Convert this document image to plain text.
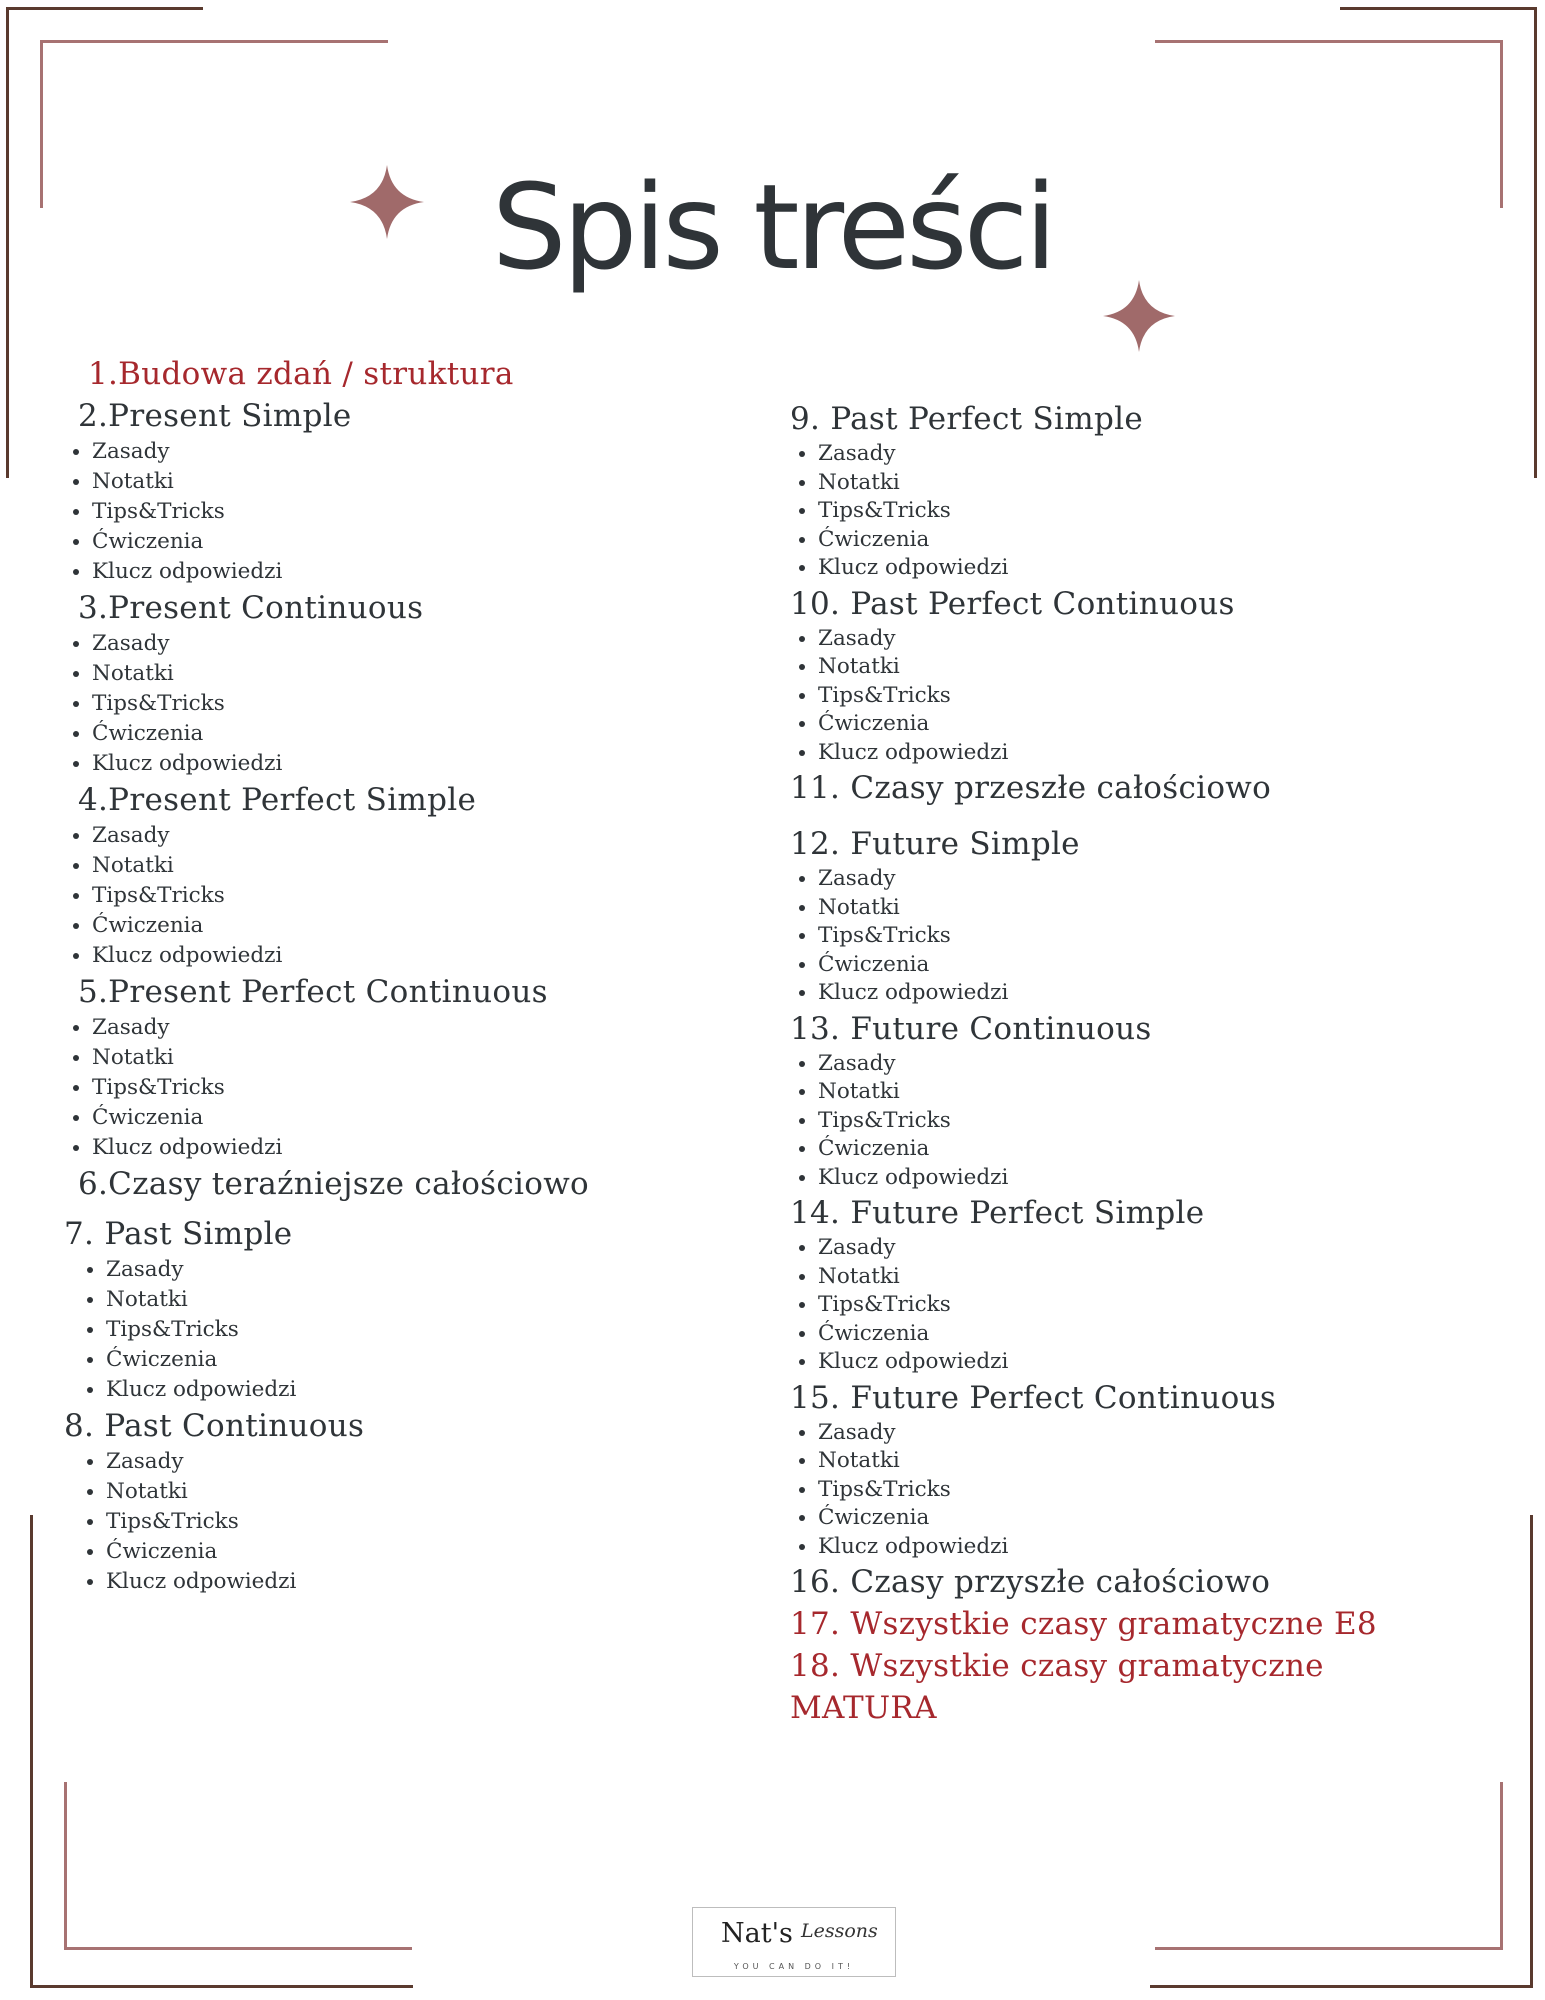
Spis treści
1.Budowa zdań / struktura
2.Present Simple
• Zasady
• Notatki
• Tips&Tricks
• Ćwiczenia
• Klucz odpowiedzi
3.Present Continuous
• Zasady
• Notatki
• Tips&Tricks
• Ćwiczenia
• Klucz odpowiedzi
4.Present Perfect Simple
• Zasady
• Notatki
• Tips&Tricks
• Ćwiczenia
• Klucz odpowiedzi
5.Present Perfect Continuous
• Zasady
• Notatki
• Tips&Tricks
• Ćwiczenia
• Klucz odpowiedzi
6.Czasy teraźniejsze całościowo
7. Past Simple
• Zasady
• Notatki
• Tips&Tricks
• Ćwiczenia
• Klucz odpowiedzi
8. Past Continuous
• Zasady
• Notatki
• Tips&Tricks
• Ćwiczenia
• Klucz odpowiedzi
9. Past Perfect Simple
• Zasady
• Notatki
• Tips&Tricks
• Ćwiczenia
• Klucz odpowiedzi
10. Past Perfect Continuous
• Zasady
• Notatki
• Tips&Tricks
• Ćwiczenia
• Klucz odpowiedzi
11. Czasy przeszłe całościowo
12. Future Simple
• Zasady
• Notatki
• Tips&Tricks
• Ćwiczenia
• Klucz odpowiedzi
13. Future Continuous
• Zasady
• Notatki
• Tips&Tricks
• Ćwiczenia
• Klucz odpowiedzi
14. Future Perfect Simple
• Zasady
• Notatki
• Tips&Tricks
• Ćwiczenia
• Klucz odpowiedzi
15. Future Perfect Continuous
• Zasady
• Notatki
• Tips&Tricks
• Ćwiczenia
• Klucz odpowiedzi
16. Czasy przyszłe całościowo
17. Wszystkie czasy gramatyczne E8
18. Wszystkie czasy gramatyczne
MATURA
Nat's Lessons
YOU CAN DO IT!
